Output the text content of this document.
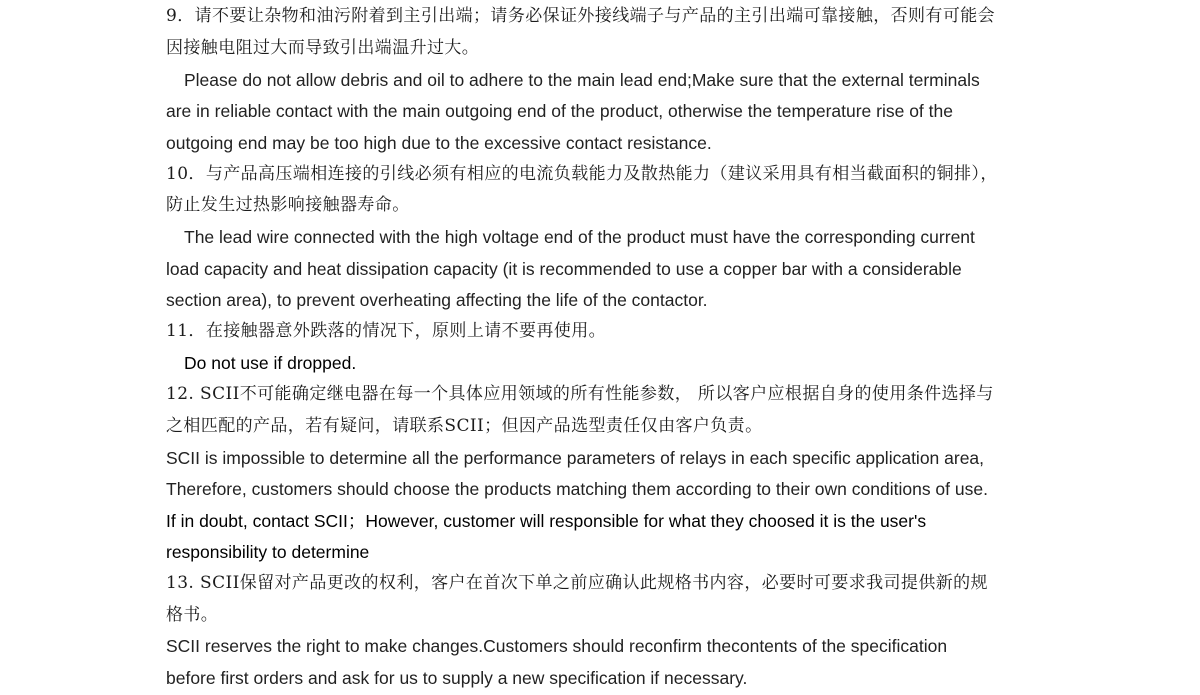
9．请不要让杂物和油污附着到主引出端；请务必保证外接线端子与产品的主引出端可靠接触，否则有可能会
因接触电阻过大而导致引出端温升过大。
Please do not allow debris and oil to adhere to the main lead end;Make sure that the external terminals
are in reliable contact with the main outgoing end of the product, otherwise the temperature rise of the
outgoing end may be too high due to the excessive contact resistance.
10．与产品高压端相连接的引线必须有相应的电流负载能力及散热能力（建议采用具有相当截面积的铜排），
防止发生过热影响接触器寿命。
The lead wire connected with the high voltage end of the product must have the corresponding current
load capacity and heat dissipation capacity (it is recommended to use a copper bar with a considerable
section area), to prevent overheating affecting the life of the contactor.
11．在接触器意外跌落的情况下，原则上请不要再使用。
Do not use if dropped.
12. SCII不可能确定继电器在每一个具体应用领域的所有性能参数， 所以客户应根据自身的使用条件选择与
之相匹配的产品，若有疑问，请联系SCII；但因产品选型责任仅由客户负责。
SCII is impossible to determine all the performance parameters of relays in each specific application area,
Therefore, customers should choose the products matching them according to their own conditions of use.
If in doubt, contact SCII；However, customer will responsible for what they choosed it is the user's
responsibility to determine
13. SCII保留对产品更改的权利，客户在首次下单之前应确认此规格书内容，必要时可要求我司提供新的规
格书。
SCII reserves the right to make changes.Customers should reconfirm thecontents of the specification
before first orders and ask for us to supply a new specification if necessary.
